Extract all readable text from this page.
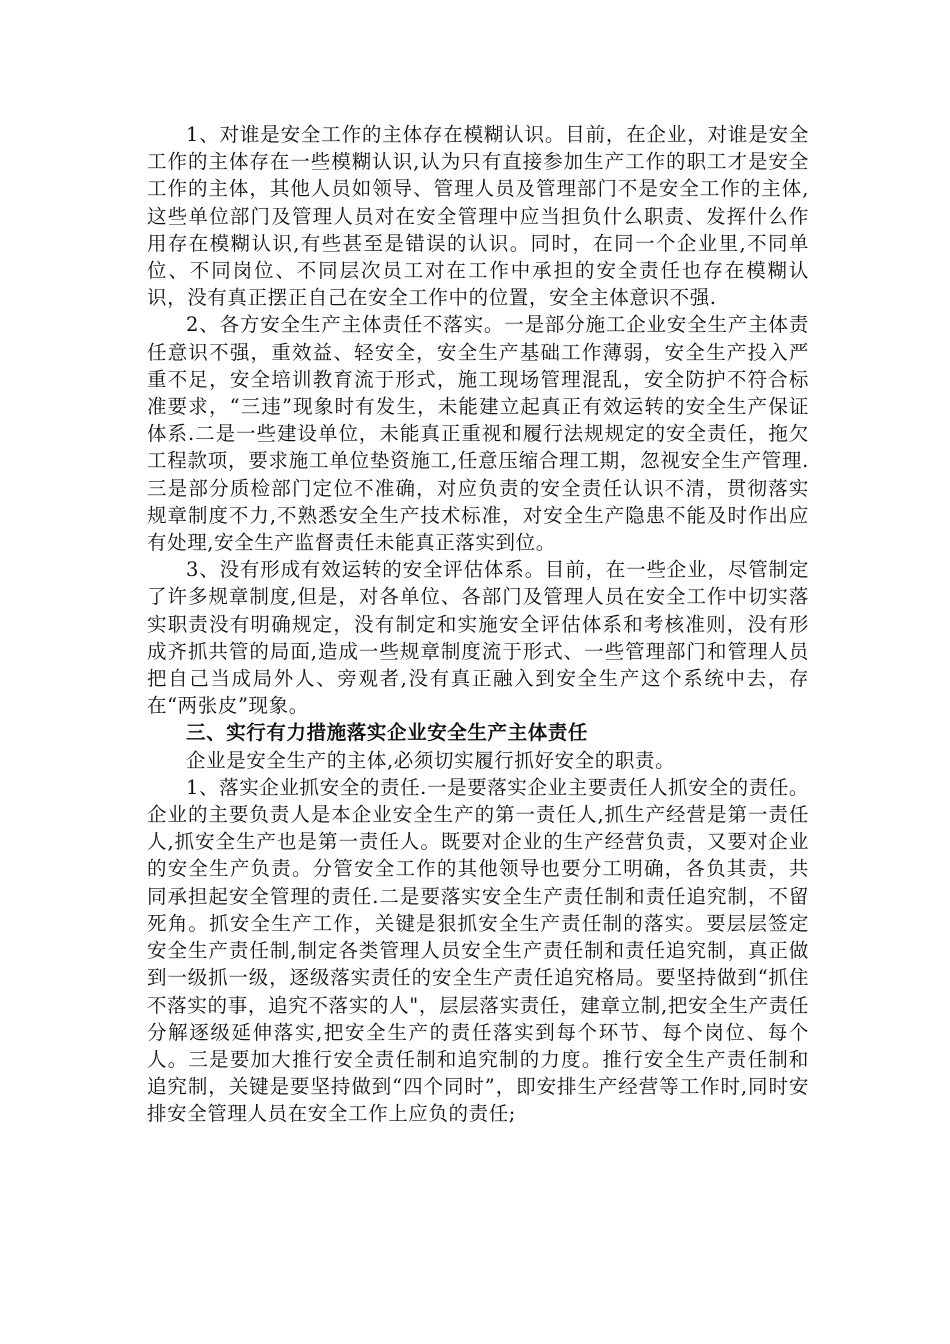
1、对谁是安全工作的主体存在模糊认识。目前，在企业，对谁是安全工作的主体存在一些模糊认识,认为只有直接参加生产工作的职工才是安全工作的主体，其他人员如领导、管理人员及管理部门不是安全工作的主体,这些单位部门及管理人员对在安全管理中应当担负什么职责、发挥什么作用存在模糊认识,有些甚至是错误的认识。同时，在同一个企业里,不同单位、不同岗位、不同层次员工对在工作中承担的安全责任也存在模糊认识，没有真正摆正自己在安全工作中的位置，安全主体意识不强.

2、各方安全生产主体责任不落实。一是部分施工企业安全生产主体责任意识不强，重效益、轻安全，安全生产基础工作薄弱，安全生产投入严重不足，安全培训教育流于形式，施工现场管理混乱，安全防护不符合标准要求，“三违”现象时有发生，未能建立起真正有效运转的安全生产保证体系.二是一些建设单位，未能真正重视和履行法规规定的安全责任，拖欠工程款项，要求施工单位垫资施工,任意压缩合理工期，忽视安全生产管理.三是部分质检部门定位不准确，对应负责的安全责任认识不清，贯彻落实规章制度不力,不熟悉安全生产技术标准，对安全生产隐患不能及时作出应有处理,安全生产监督责任未能真正落实到位。

3、没有形成有效运转的安全评估体系。目前，在一些企业，尽管制定了许多规章制度,但是，对各单位、各部门及管理人员在安全工作中切实落实职责没有明确规定，没有制定和实施安全评估体系和考核准则，没有形成齐抓共管的局面,造成一些规章制度流于形式、一些管理部门和管理人员把自己当成局外人、旁观者,没有真正融入到安全生产这个系统中去，存在“两张皮”现象。

三、实行有力措施落实企业安全生产主体责任

企业是安全生产的主体,必须切实履行抓好安全的职责。

1、落实企业抓安全的责任.一是要落实企业主要责任人抓安全的责任。企业的主要负责人是本企业安全生产的第一责任人,抓生产经营是第一责任人,抓安全生产也是第一责任人。既要对企业的生产经营负责，又要对企业的安全生产负责。分管安全工作的其他领导也要分工明确，各负其责，共同承担起安全管理的责任.二是要落实安全生产责任制和责任追究制，不留死角。抓安全生产工作，关键是狠抓安全生产责任制的落实。要层层签定安全生产责任制,制定各类管理人员安全生产责任制和责任追究制，真正做到一级抓一级，逐级落实责任的安全生产责任追究格局。要坚持做到“抓住不落实的事，追究不落实的人"，层层落实责任，建章立制,把安全生产责任分解逐级延伸落实,把安全生产的责任落实到每个环节、每个岗位、每个人。三是要加大推行安全责任制和追究制的力度。推行安全生产责任制和追究制，关键是要坚持做到“四个同时”，即安排生产经营等工作时,同时安排安全管理人员在安全工作上应负的责任;
